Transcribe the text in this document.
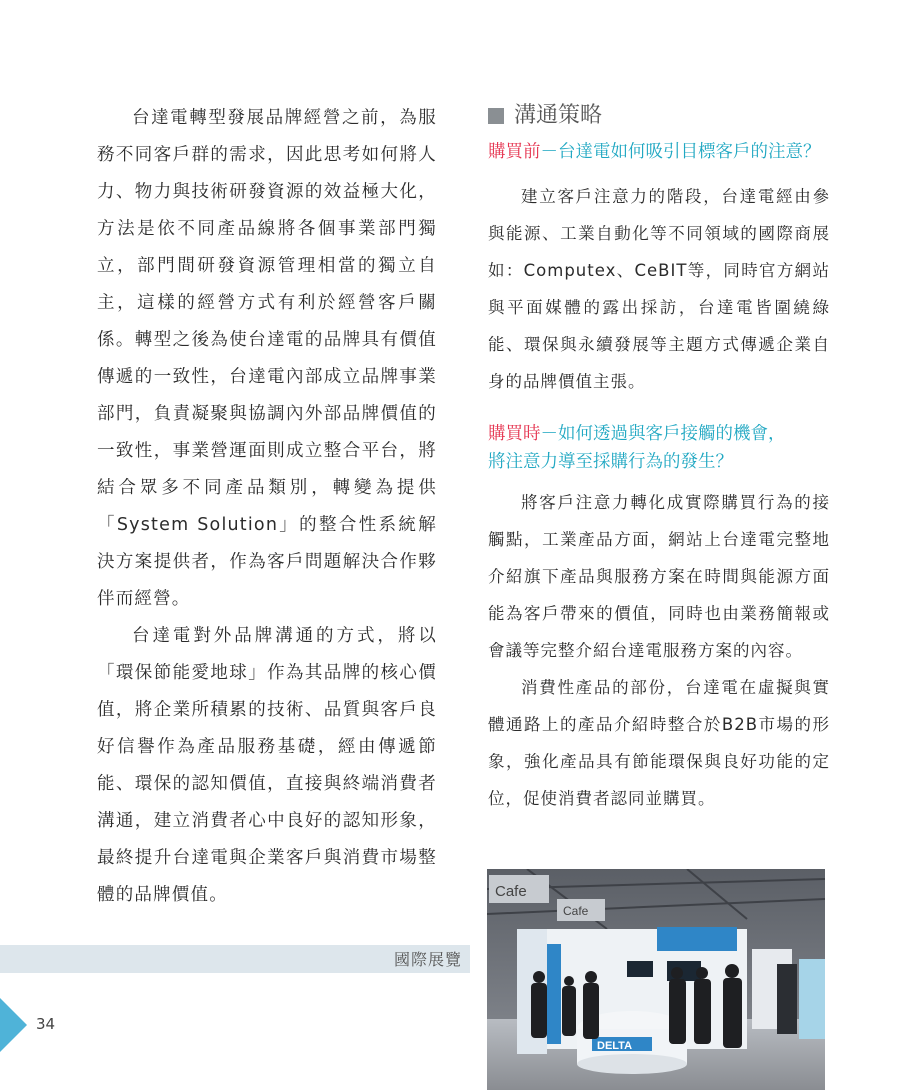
台達電轉型發展品牌經營之前，為服務不同客戶群的需求，因此思考如何將人力、物力與技術研發資源的效益極大化，方法是依不同產品線將各個事業部門獨立，部門間研發資源管理相當的獨立自主，這樣的經營方式有利於經營客戶關係。轉型之後為使台達電的品牌具有價值傳遞的一致性，台達電內部成立品牌事業部門，負責凝聚與協調內外部品牌價值的一致性，事業營運面則成立整合平台，將結合眾多不同產品類別，轉變為提供「System Solution」的整合性系統解決方案提供者，作為客戶問題解決合作夥伴而經營。

台達電對外品牌溝通的方式，將以「環保節能愛地球」作為其品牌的核心價值，將企業所積累的技術、品質與客戶良好信譽作為產品服務基礎，經由傳遞節能、環保的認知價值，直接與終端消費者溝通，建立消費者心中良好的認知形象，最終提升台達電與企業客戶與消費市場整體的品牌價值。

溝通策略
購買前－台達電如何吸引目標客戶的注意？

建立客戶注意力的階段，台達電經由參與能源、工業自動化等不同領域的國際商展如：Computex、CeBIT等，同時官方網站與平面媒體的露出採訪，台達電皆圍繞綠能、環保與永續發展等主題方式傳遞企業自身的品牌價值主張。

購買時－如何透過與客戶接觸的機會，
將注意力導至採購行為的發生？

將客戶注意力轉化成實際購買行為的接觸點，工業產品方面，網站上台達電完整地介紹旗下產品與服務方案在時間與能源方面能為客戶帶來的價值，同時也由業務簡報或會議等完整介紹台達電服務方案的內容。

消費性產品的部份，台達電在虛擬與實體通路上的產品介紹時整合於B2B市場的形象，強化產品具有節能環保與良好功能的定位，促使消費者認同並購買。

國際展覽
34
Cafe
Cafe
DELTA
